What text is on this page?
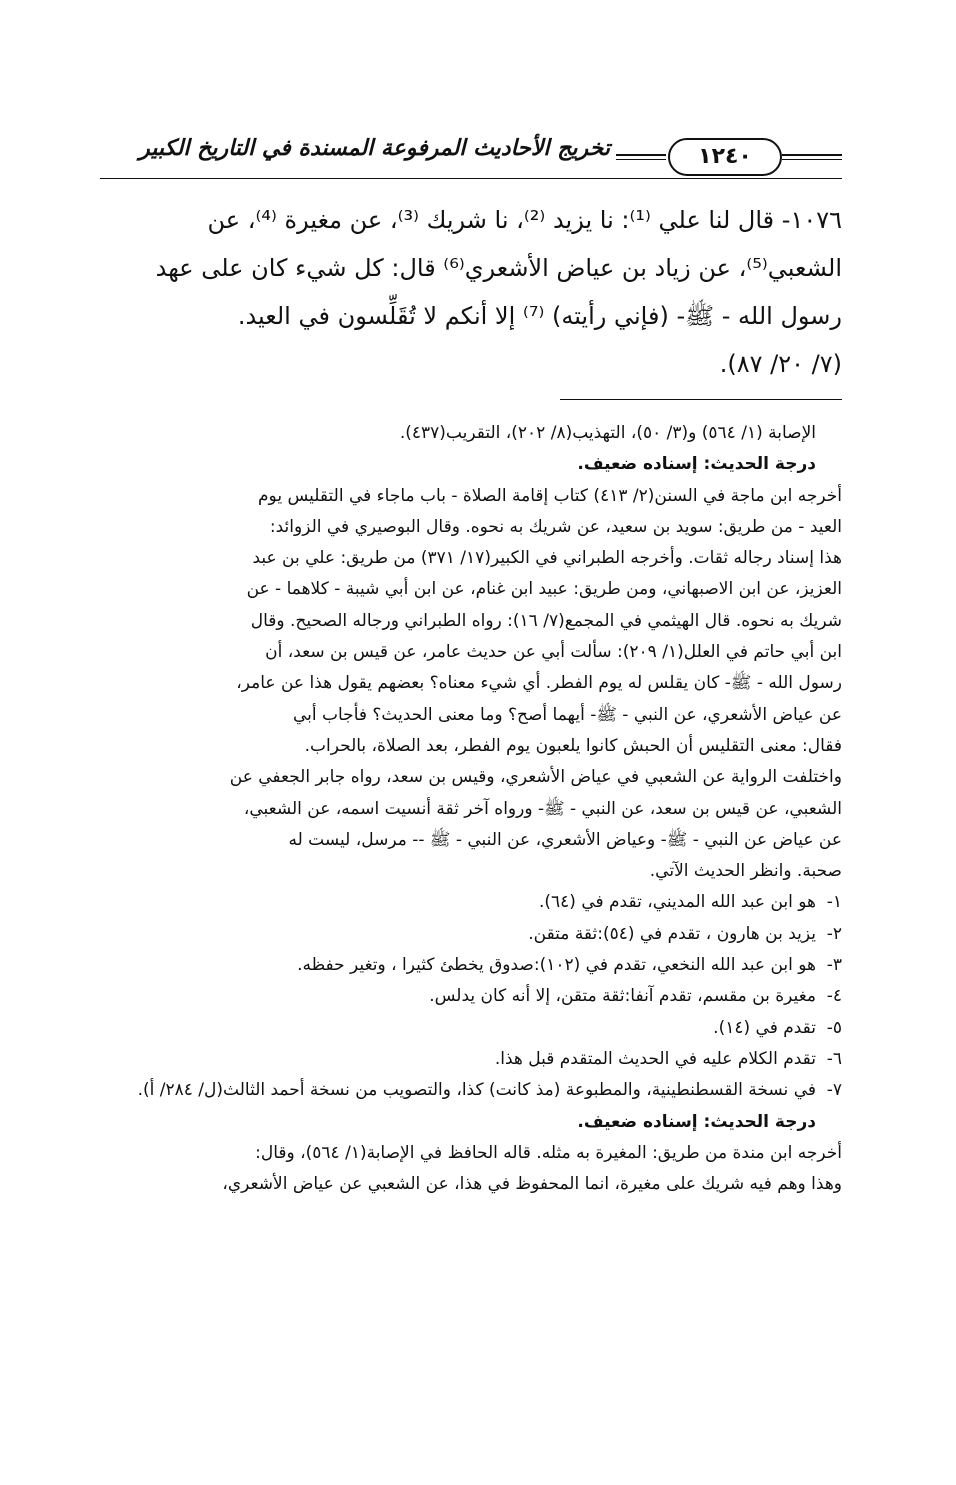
١٢٤٠
تخريج الأحاديث المرفوعة المسندة في التاريخ الكبير

١٠٧٦- قال لنا علي ⁽¹⁾: نا يزيد ⁽²⁾، نا شريك ⁽³⁾، عن مغيرة ⁽⁴⁾، عن

الشعبي⁽⁵⁾، عن زياد بن عياض الأشعري⁽⁶⁾ قال: كل شيء كان على عهد

رسول الله - ﷺ- (فإني رأيته) ⁽⁷⁾ إلا أنكم لا تُقَلِّسون في العيد.

(٧/ ٢٠/ ٨٧).

الإصابة (١/ ٥٦٤) و(٣/ ٥٠)، التهذيب(٨/ ٢٠٢)، التقريب(٤٣٧).

درجة الحديث: إسناده ضعيف.

أخرجه ابن ماجة في السنن(٢/ ٤١٣) كتاب إقامة الصلاة - باب ماجاء في التقليس يوم

العيد - من طريق: سويد بن سعيد، عن شريك به نحوه. وقال البوصيري في الزوائد:

هذا إسناد رجاله ثقات. وأخرجه الطبراني في الكبير(١٧/ ٣٧١) من طريق: علي بن عبد

العزيز، عن ابن الاصبهاني، ومن طريق: عبيد ابن غنام، عن ابن أبي شيبة - كلاهما - عن

شريك به نحوه. قال الهيثمي في المجمع(٧/ ١٦): رواه الطبراني ورجاله الصحيح. وقال

ابن أبي حاتم في العلل(١/ ٢٠٩): سألت أبي عن حديث عامر، عن قيس بن سعد، أن

رسول الله - ﷺ- كان يقلس له يوم الفطر. أي شيء معناه؟ بعضهم يقول هذا عن عامر،

عن عياض الأشعري، عن النبي - ﷺ- أيهما أصح؟ وما معنى الحديث؟ فأجاب أبي

فقال: معنى التقليس أن الحبش كانوا يلعبون يوم الفطر، بعد الصلاة، بالحراب.

واختلفت الرواية عن الشعبي في عياض الأشعري، وقيس بن سعد، رواه جابر الجعفي عن

الشعبي، عن قيس بن سعد، عن النبي - ﷺ- ورواه آخر ثقة أنسيت اسمه، عن الشعبي،

عن عياض عن النبي - ﷺ- وعياض الأشعري، عن النبي - ﷺ -- مرسل، ليست له

صحبة. وانظر الحديث الآتي.

١-
هو ابن عبد الله المديني، تقدم في (٦٤).
٢-
يزيد بن هارون ، تقدم في (٥٤):ثقة متقن.
٣-
هو ابن عبد الله النخعي، تقدم في (١٠٢):صدوق يخطئ كثيرا ، وتغير حفظه.
٤-
مغيرة بن مقسم، تقدم آنفا:ثقة متقن، إلا أنه كان يدلس.
٥-
تقدم في (١٤).
٦-
تقدم الكلام عليه في الحديث المتقدم قبل هذا.
٧-
في نسخة القسطنطينية، والمطبوعة (مذ كانت) كذا، والتصويب من نسخة أحمد الثالث(ل/ ٢٨٤/ أ).

درجة الحديث: إسناده ضعيف.

أخرجه ابن مندة من طريق: المغيرة به مثله. قاله الحافظ في الإصابة(١/ ٥٦٤)، وقال:

وهذا وهم فيه شريك على مغيرة، انما المحفوظ في هذا، عن الشعبي عن عياض الأشعري،
